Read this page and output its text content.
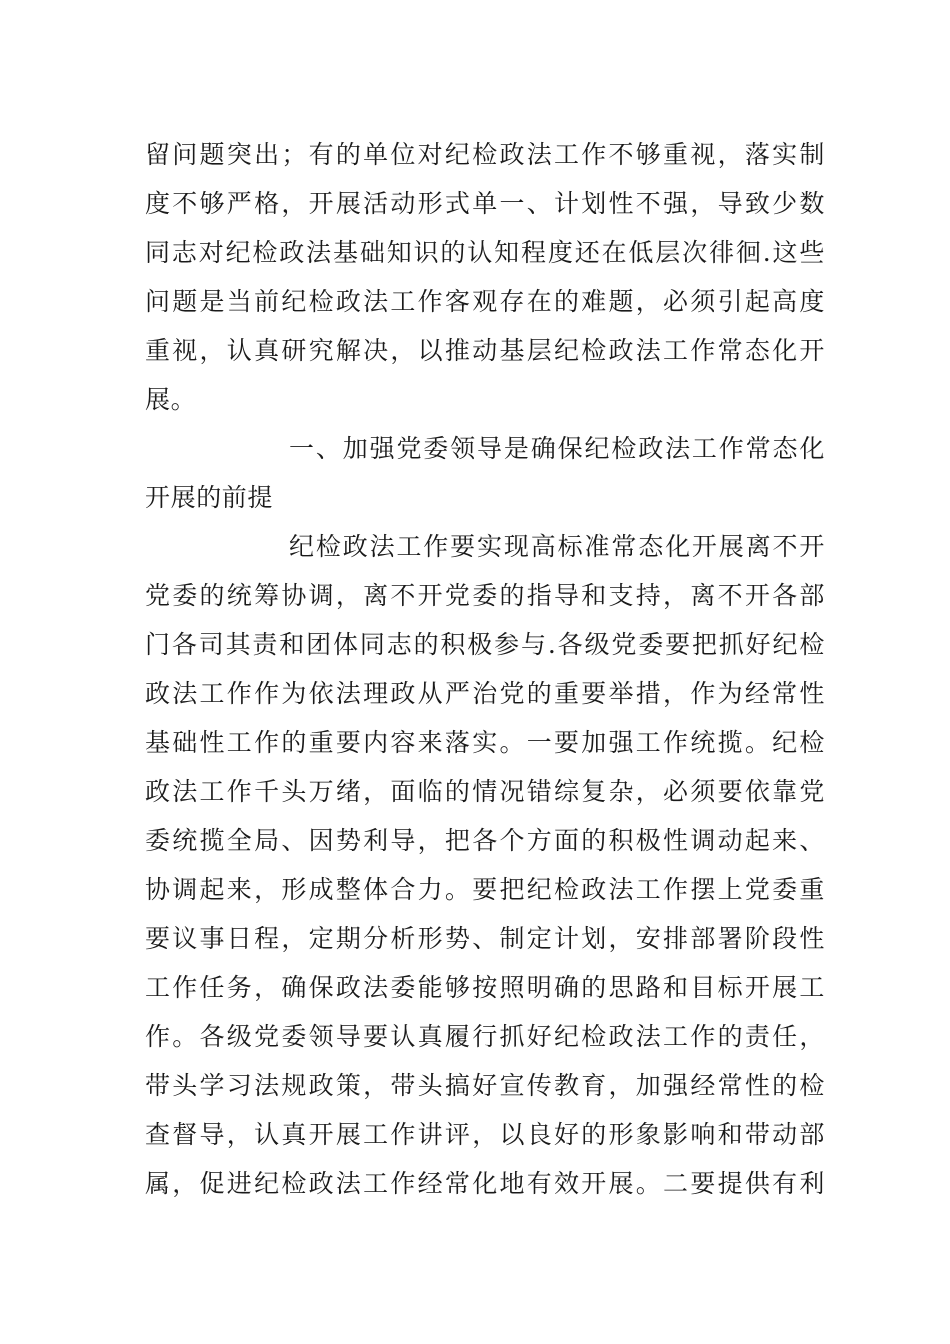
留问题突出；有的单位对纪检政法工作不够重视，落实制
度不够严格，开展活动形式单一、计划性不强，导致少数
同志对纪检政法基础知识的认知程度还在低层次徘徊.这些
问题是当前纪检政法工作客观存在的难题，必须引起高度
重视，认真研究解决，以推动基层纪检政法工作常态化开
展。
一、加强党委领导是确保纪检政法工作常态化
开展的前提
纪检政法工作要实现高标准常态化开展离不开
党委的统筹协调，离不开党委的指导和支持，离不开各部
门各司其责和团体同志的积极参与.各级党委要把抓好纪检
政法工作作为依法理政从严治党的重要举措，作为经常性
基础性工作的重要内容来落实。一要加强工作统揽。纪检
政法工作千头万绪，面临的情况错综复杂，必须要依靠党
委统揽全局、因势利导，把各个方面的积极性调动起来、
协调起来，形成整体合力。要把纪检政法工作摆上党委重
要议事日程，定期分析形势、制定计划，安排部署阶段性
工作任务，确保政法委能够按照明确的思路和目标开展工
作。各级党委领导要认真履行抓好纪检政法工作的责任，
带头学习法规政策，带头搞好宣传教育，加强经常性的检
查督导，认真开展工作讲评，以良好的形象影响和带动部
属，促进纪检政法工作经常化地有效开展。二要提供有利
